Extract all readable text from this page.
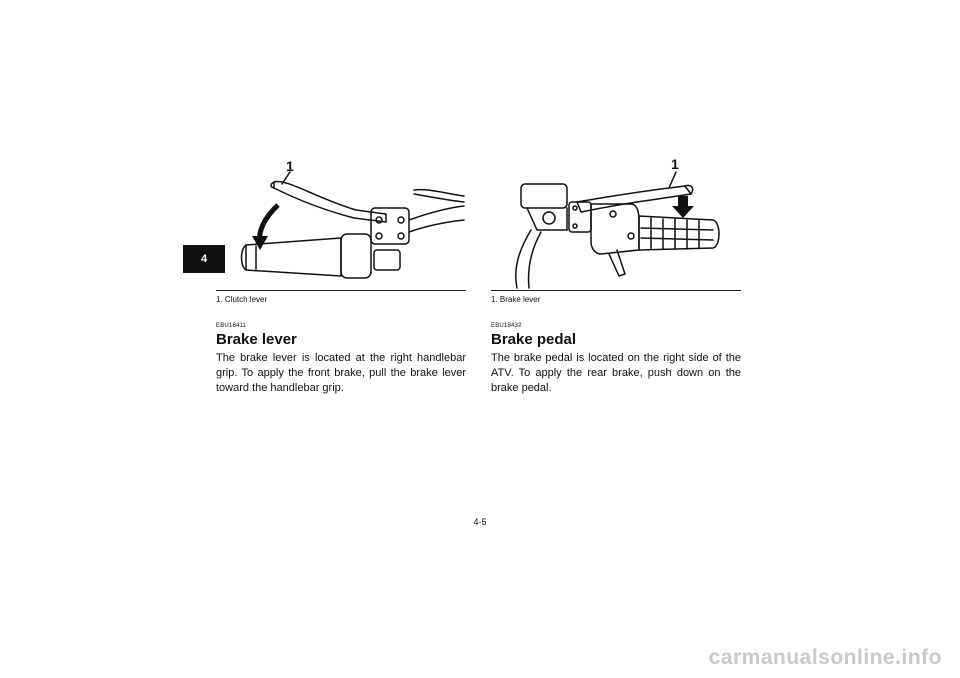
4
1
1. Clutch lever
EBU18411
Brake lever
The brake lever is located at the right handlebar grip. To apply the front brake, pull the brake lever toward the handlebar grip.
1
1. Brake lever
EBU18432
Brake pedal
The brake pedal is located on the right side of the ATV. To apply the rear brake, push down on the brake pedal.
4-5
carmanualsonline.info
